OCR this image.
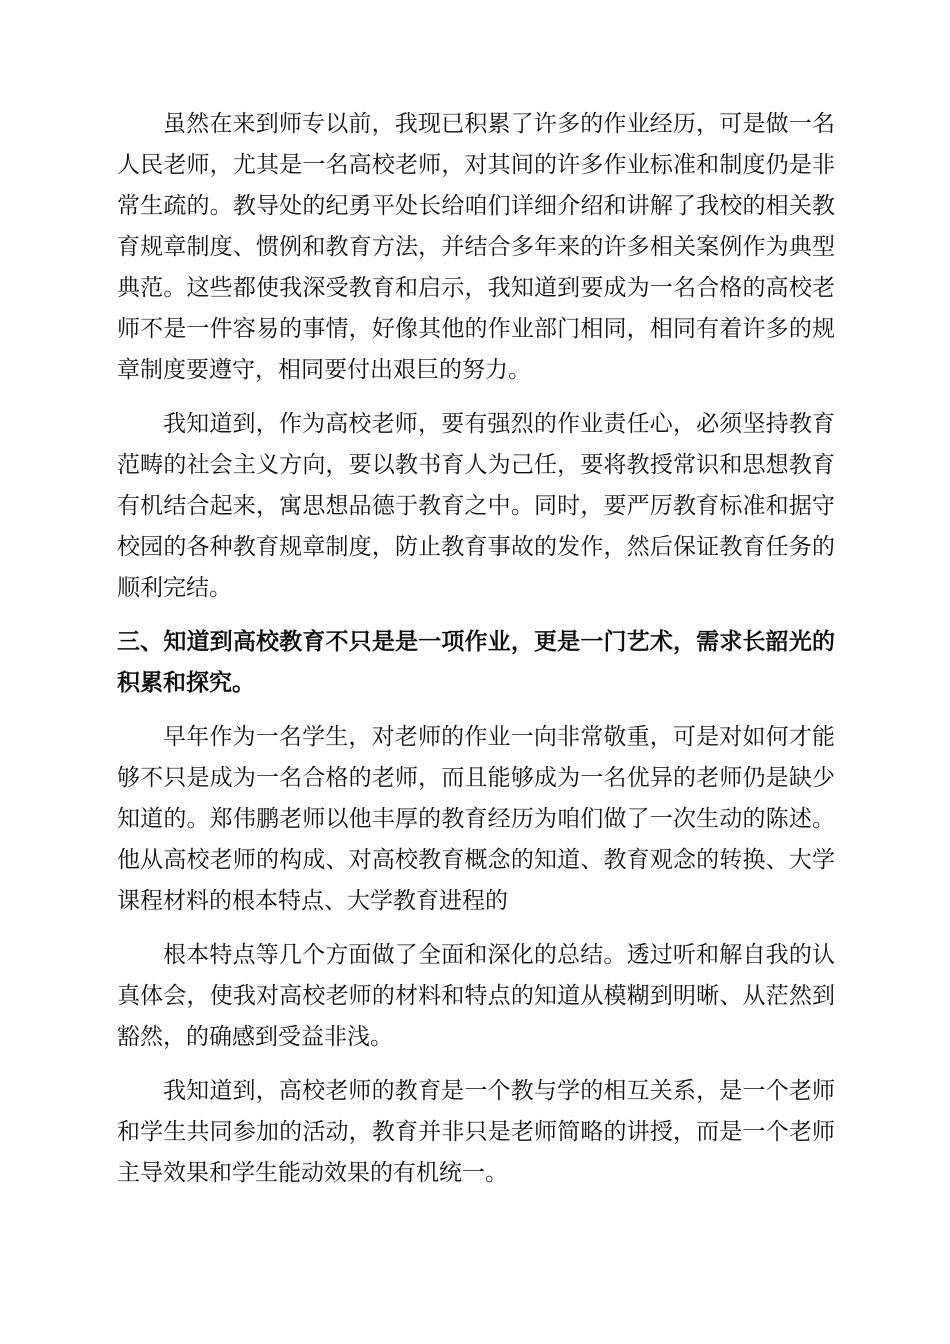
虽然在来到师专以前，我现已积累了许多的作业经历，可是做一名人民老师，尤其是一名高校老师，对其间的许多作业标准和制度仍是非常生疏的。教导处的纪勇平处长给咱们详细介绍和讲解了我校的相关教育规章制度、惯例和教育方法，并结合多年来的许多相关案例作为典型典范。这些都使我深受教育和启示，我知道到要成为一名合格的高校老师不是一件容易的事情，好像其他的作业部门相同，相同有着许多的规章制度要遵守，相同要付出艰巨的努力。

我知道到，作为高校老师，要有强烈的作业责任心，必须坚持教育范畴的社会主义方向，要以教书育人为己任，要将教授常识和思想教育有机结合起来，寓思想品德于教育之中。同时，要严厉教育标准和据守校园的各种教育规章制度，防止教育事故的发作，然后保证教育任务的顺利完结。

三、知道到高校教育不只是是一项作业，更是一门艺术，需求长韶光的积累和探究。

早年作为一名学生，对老师的作业一向非常敬重，可是对如何才能够不只是成为一名合格的老师，而且能够成为一名优异的老师仍是缺少知道的。郑伟鹏老师以他丰厚的教育经历为咱们做了一次生动的陈述。他从高校老师的构成、对高校教育概念的知道、教育观念的转换、大学课程材料的根本特点、大学教育进程的

根本特点等几个方面做了全面和深化的总结。透过听和解自我的认真体会，使我对高校老师的材料和特点的知道从模糊到明晰、从茫然到豁然，的确感到受益非浅。

我知道到，高校老师的教育是一个教与学的相互关系，是一个老师和学生共同参加的活动，教育并非只是老师简略的讲授，而是一个老师主导效果和学生能动效果的有机统一。
